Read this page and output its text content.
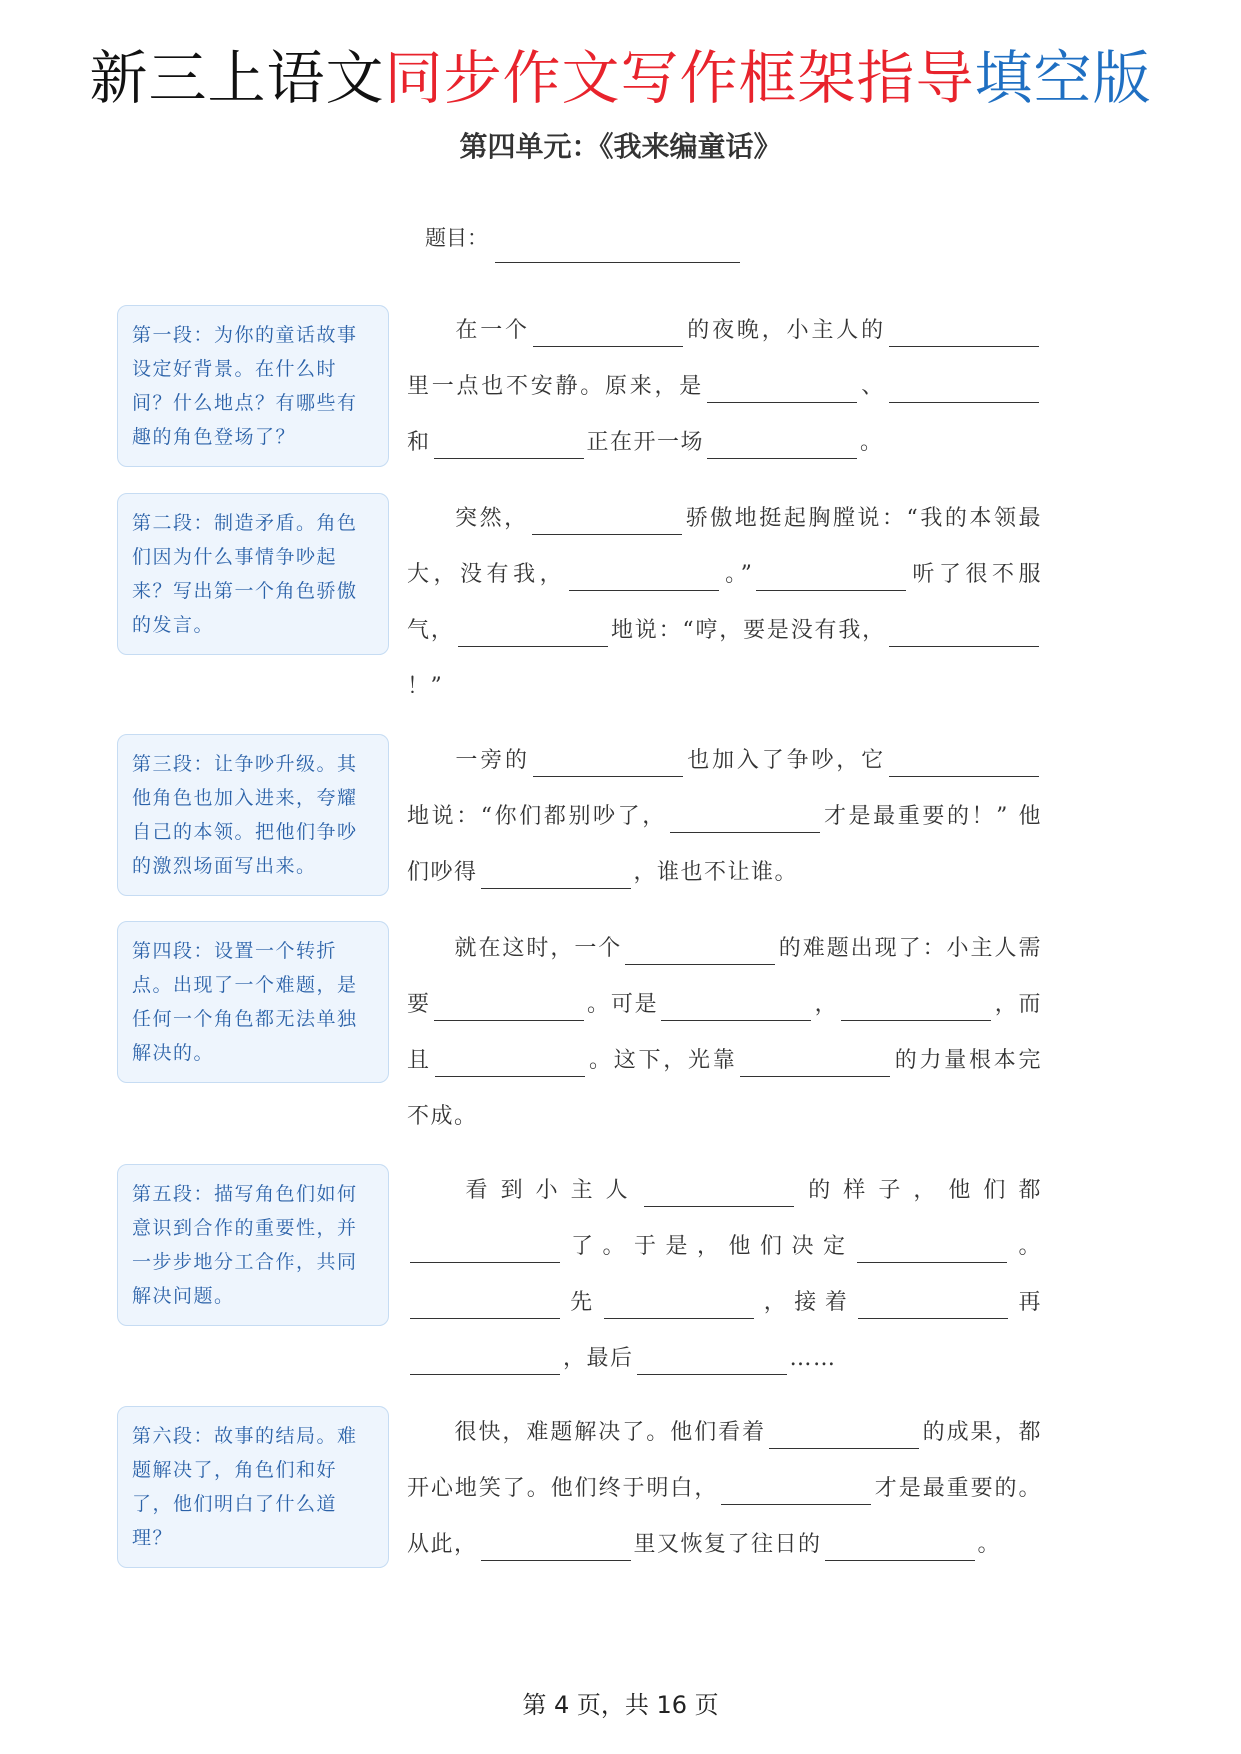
新三上语文同步作文写作框架指导填空版
第四单元：《我来编童话》
题目：
第一段：为你的童话故事设定好背景。在什么时间？什么地点？有哪些有趣的角色登场了？
在一个	的夜晚，小主人的里一点也不安静。原来，是	、和	正在开一场	。
第二段：制造矛盾。角色们因为什么事情争吵起来？写出第一个角色骄傲的发言。
突然，	骄傲地挺起胸膛说：“我的本领最大，没有我，	。”	听了很不服气，	地说：“哼，要是没有我，！”
第三段：让争吵升级。其他角色也加入进来，夸耀自己的本领。把他们争吵的激烈场面写出来。
一旁的	也加入了争吵，它地说：“你们都别吵了，	才是最重要的！” 他们吵得	，谁也不让谁。
第四段：设置一个转折点。出现了一个难题，是任何一个角色都无法单独解决的。
就在这时，一个	的难题出现了：小主人需要	。可是	，	，而且	。这下，光靠	的力量根本完不成。
第五段：描写角色们如何意识到合作的重要性，并一步步地分工合作，共同解决问题。
看到小主人	的样子，他们都了。于是，他们决定	。先	，接着	再，最后	……
第六段：故事的结局。难题解决了，角色们和好了，他们明白了什么道理？
很快，难题解决了。他们看着	的成果，都开心地笑了。他们终于明白，	才是最重要的。从此，	里又恢复了往日的	。
第 4 页，共 16 页
